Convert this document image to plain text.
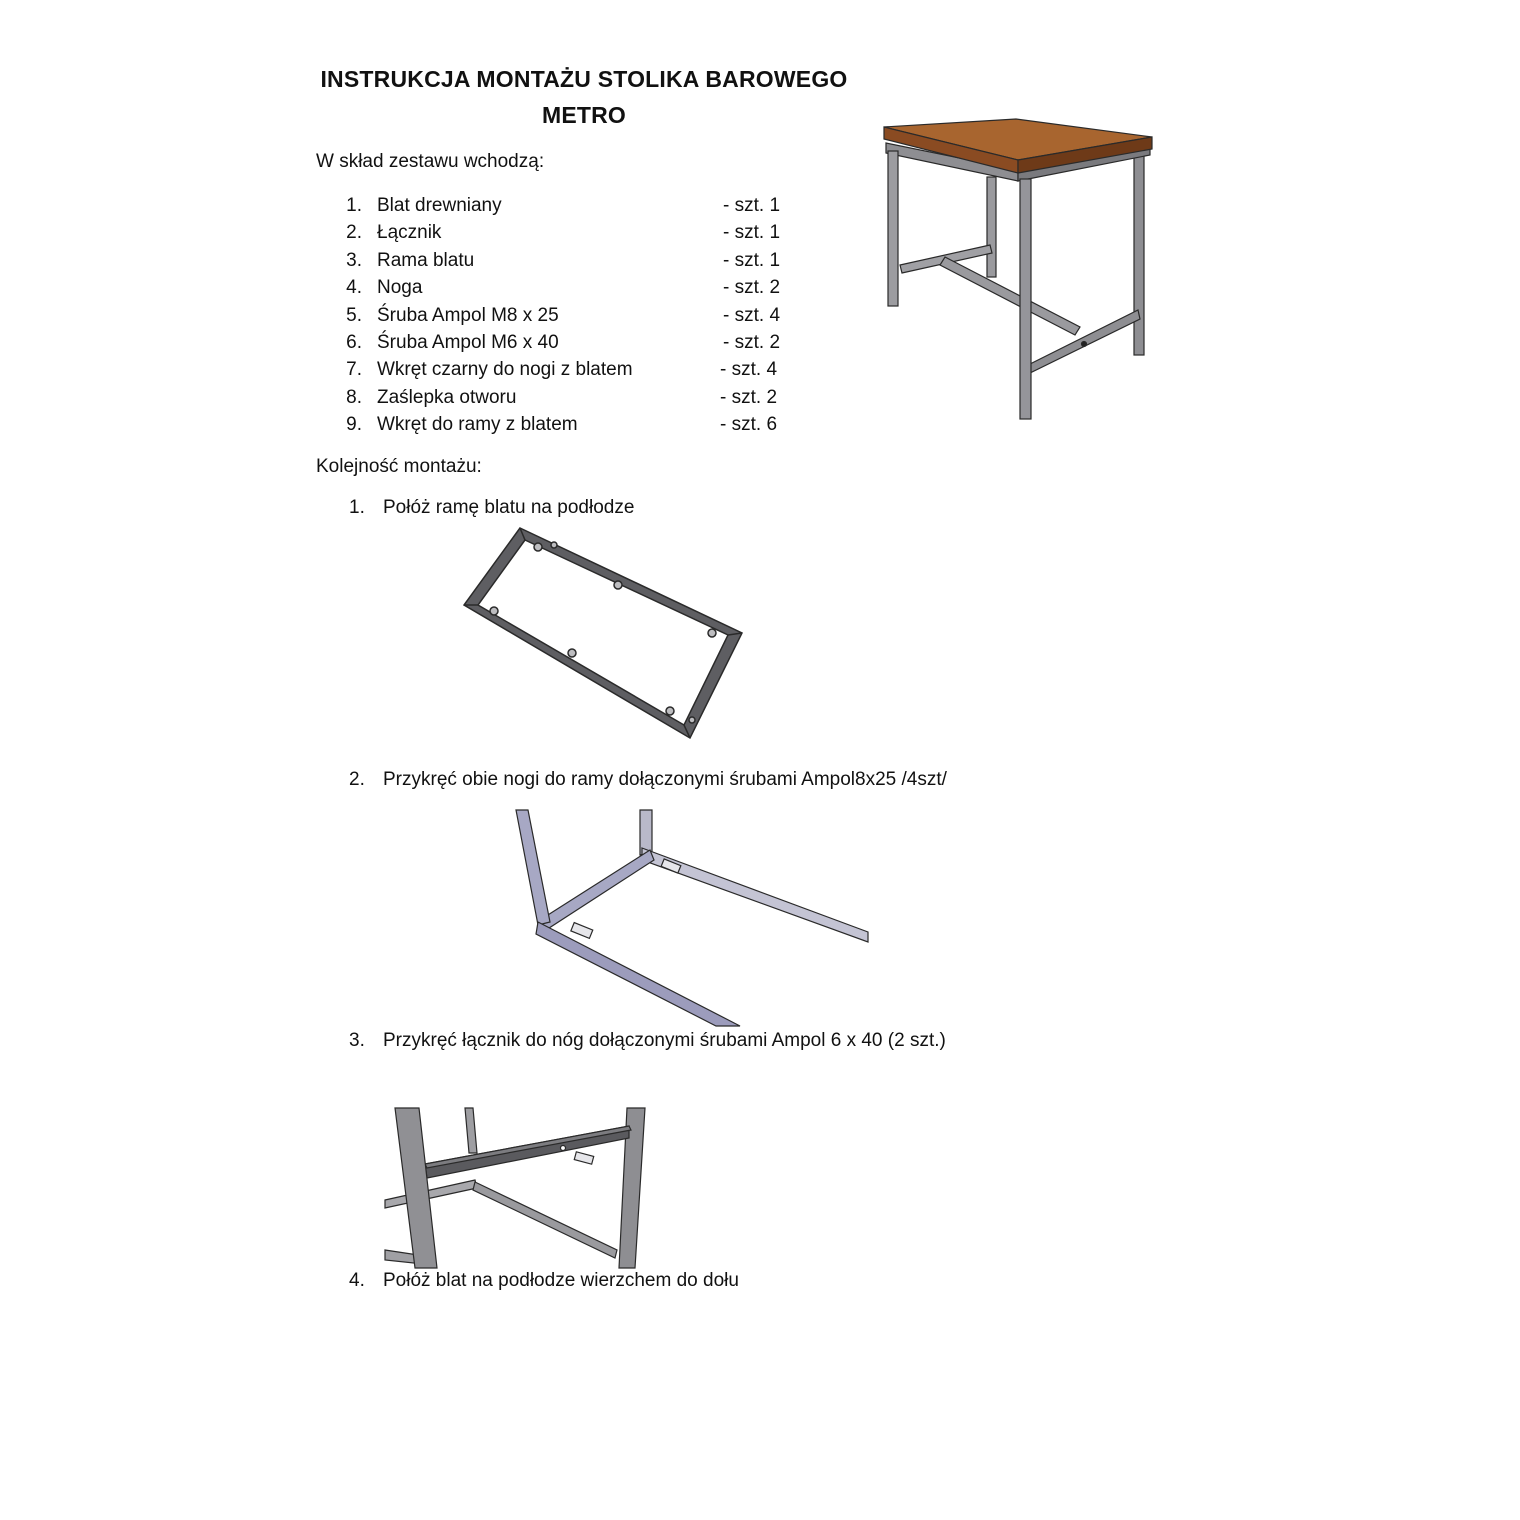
INSTRUKCJA MONTAŻU STOLIKA BAROWEGO
METRO
W skład zestawu wchodzą:
1. Blat drewniany	- szt. 1
2. Łącznik	- szt. 1
3. Rama blatu	- szt. 1
4. Noga	- szt. 2
5. Śruba Ampol M8 x 25	- szt. 4
6. Śruba Ampol M6 x 40	- szt. 2
7. Wkręt czarny do nogi z blatem	- szt. 4
8. Zaślepka otworu	- szt. 2
9. Wkręt do ramy z blatem	- szt. 6
Kolejność montażu:
1. Połóż ramę blatu na podłodze
2. Przykręć obie nogi do ramy dołączonymi śrubami Ampol8x25 /4szt/
3. Przykręć łącznik do nóg dołączonymi śrubami Ampol 6 x 40 (2 szt.)
4. Połóż blat na podłodze wierzchem do dołu
